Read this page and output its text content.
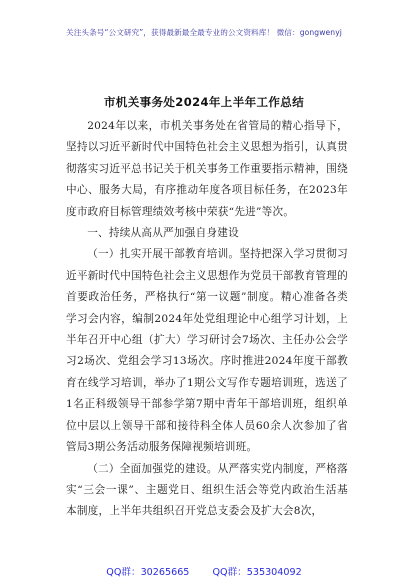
关注头条号“公文研究”，获得最新最全最专业的公文资料库！ 微信：gongwenyj
市机关事务处2024年上半年工作总结

2024年以来，市机关事务处在省管局的精心指导下，坚持以习近平新时代中国特色社会主义思想为指引，认真贯彻落实习近平总书记关于机关事务工作重要指示精神，围绕中心、服务大局，有序推动年度各项目标任务，在2023年度市政府目标管理绩效考核中荣获“先进”等次。

一、持续从高从严加强自身建设

（一）扎实开展干部教育培训。坚持把深入学习贯彻习近平新时代中国特色社会主义思想作为党员干部教育管理的首要政治任务，严格执行“第一议题”制度。精心准备各类学习会内容，编制2024年处党组理论中心组学习计划，上半年召开中心组（扩大）学习研讨会7场次、主任办公会学习2场次、党组会学习13场次。序时推进2024年度干部教育在线学习培训，举办了1期公文写作专题培训班，选送了1名正科级领导干部参学第7期中青年干部培训班，组织单位中层以上领导干部和接待科全体人员60余人次参加了省管局3期公务活动服务保障视频培训班。

（二）全面加强党的建设。从严落实党内制度，严格落实“三会一课”、主题党日、组织生活会等党内政治生活基本制度，上半年共组织召开党总支委会及扩大会8次，

QQ群：30265665 QQ群：535304092
